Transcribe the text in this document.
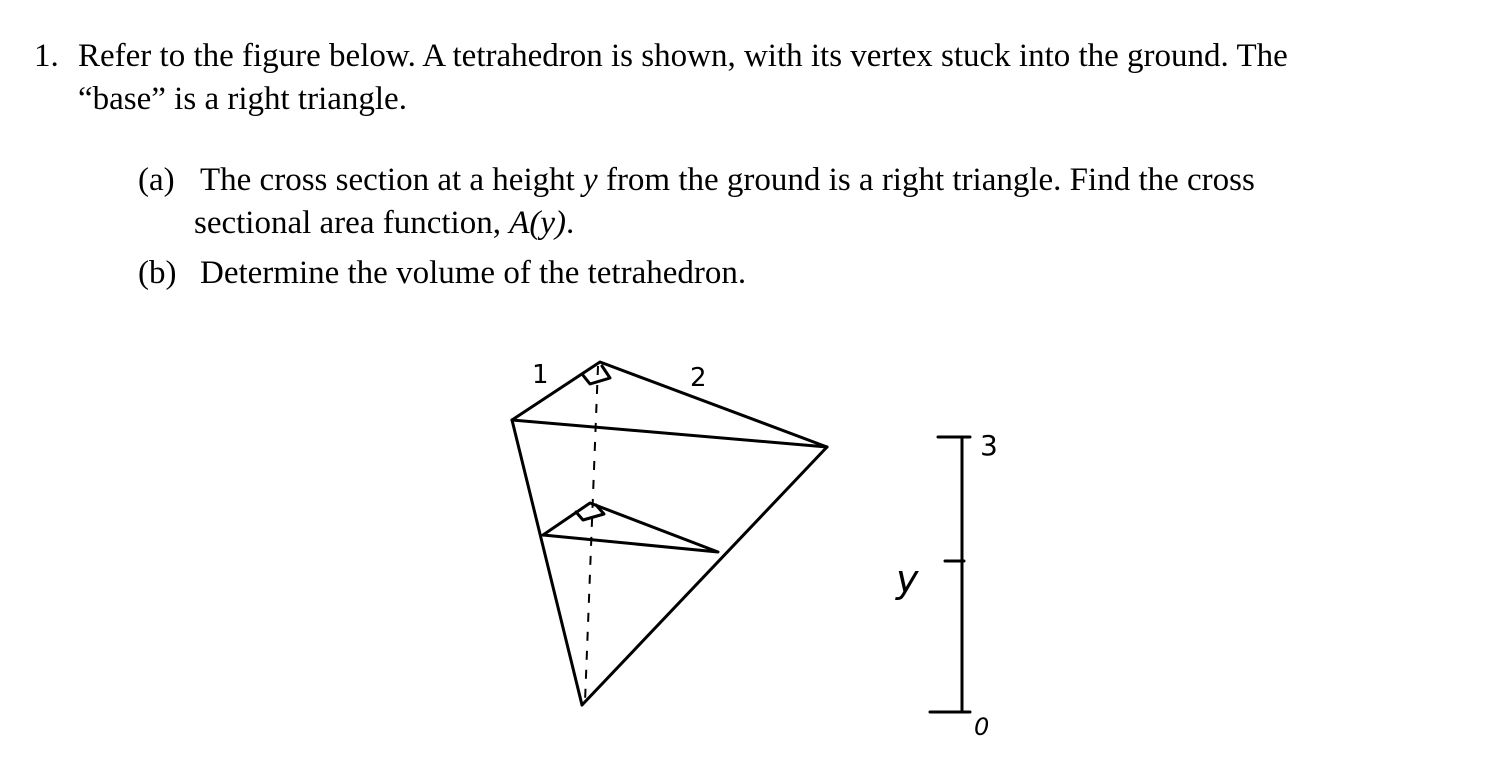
1. Refer to the figure below. A tetrahedron is shown, with its vertex stuck into the ground. The
“base” is a right triangle.
(a) The cross section at a height y from the ground is a right triangle. Find the cross
sectional area function, A(y).
(b) Determine the volume of the tetrahedron.
1	2
3
y
0
